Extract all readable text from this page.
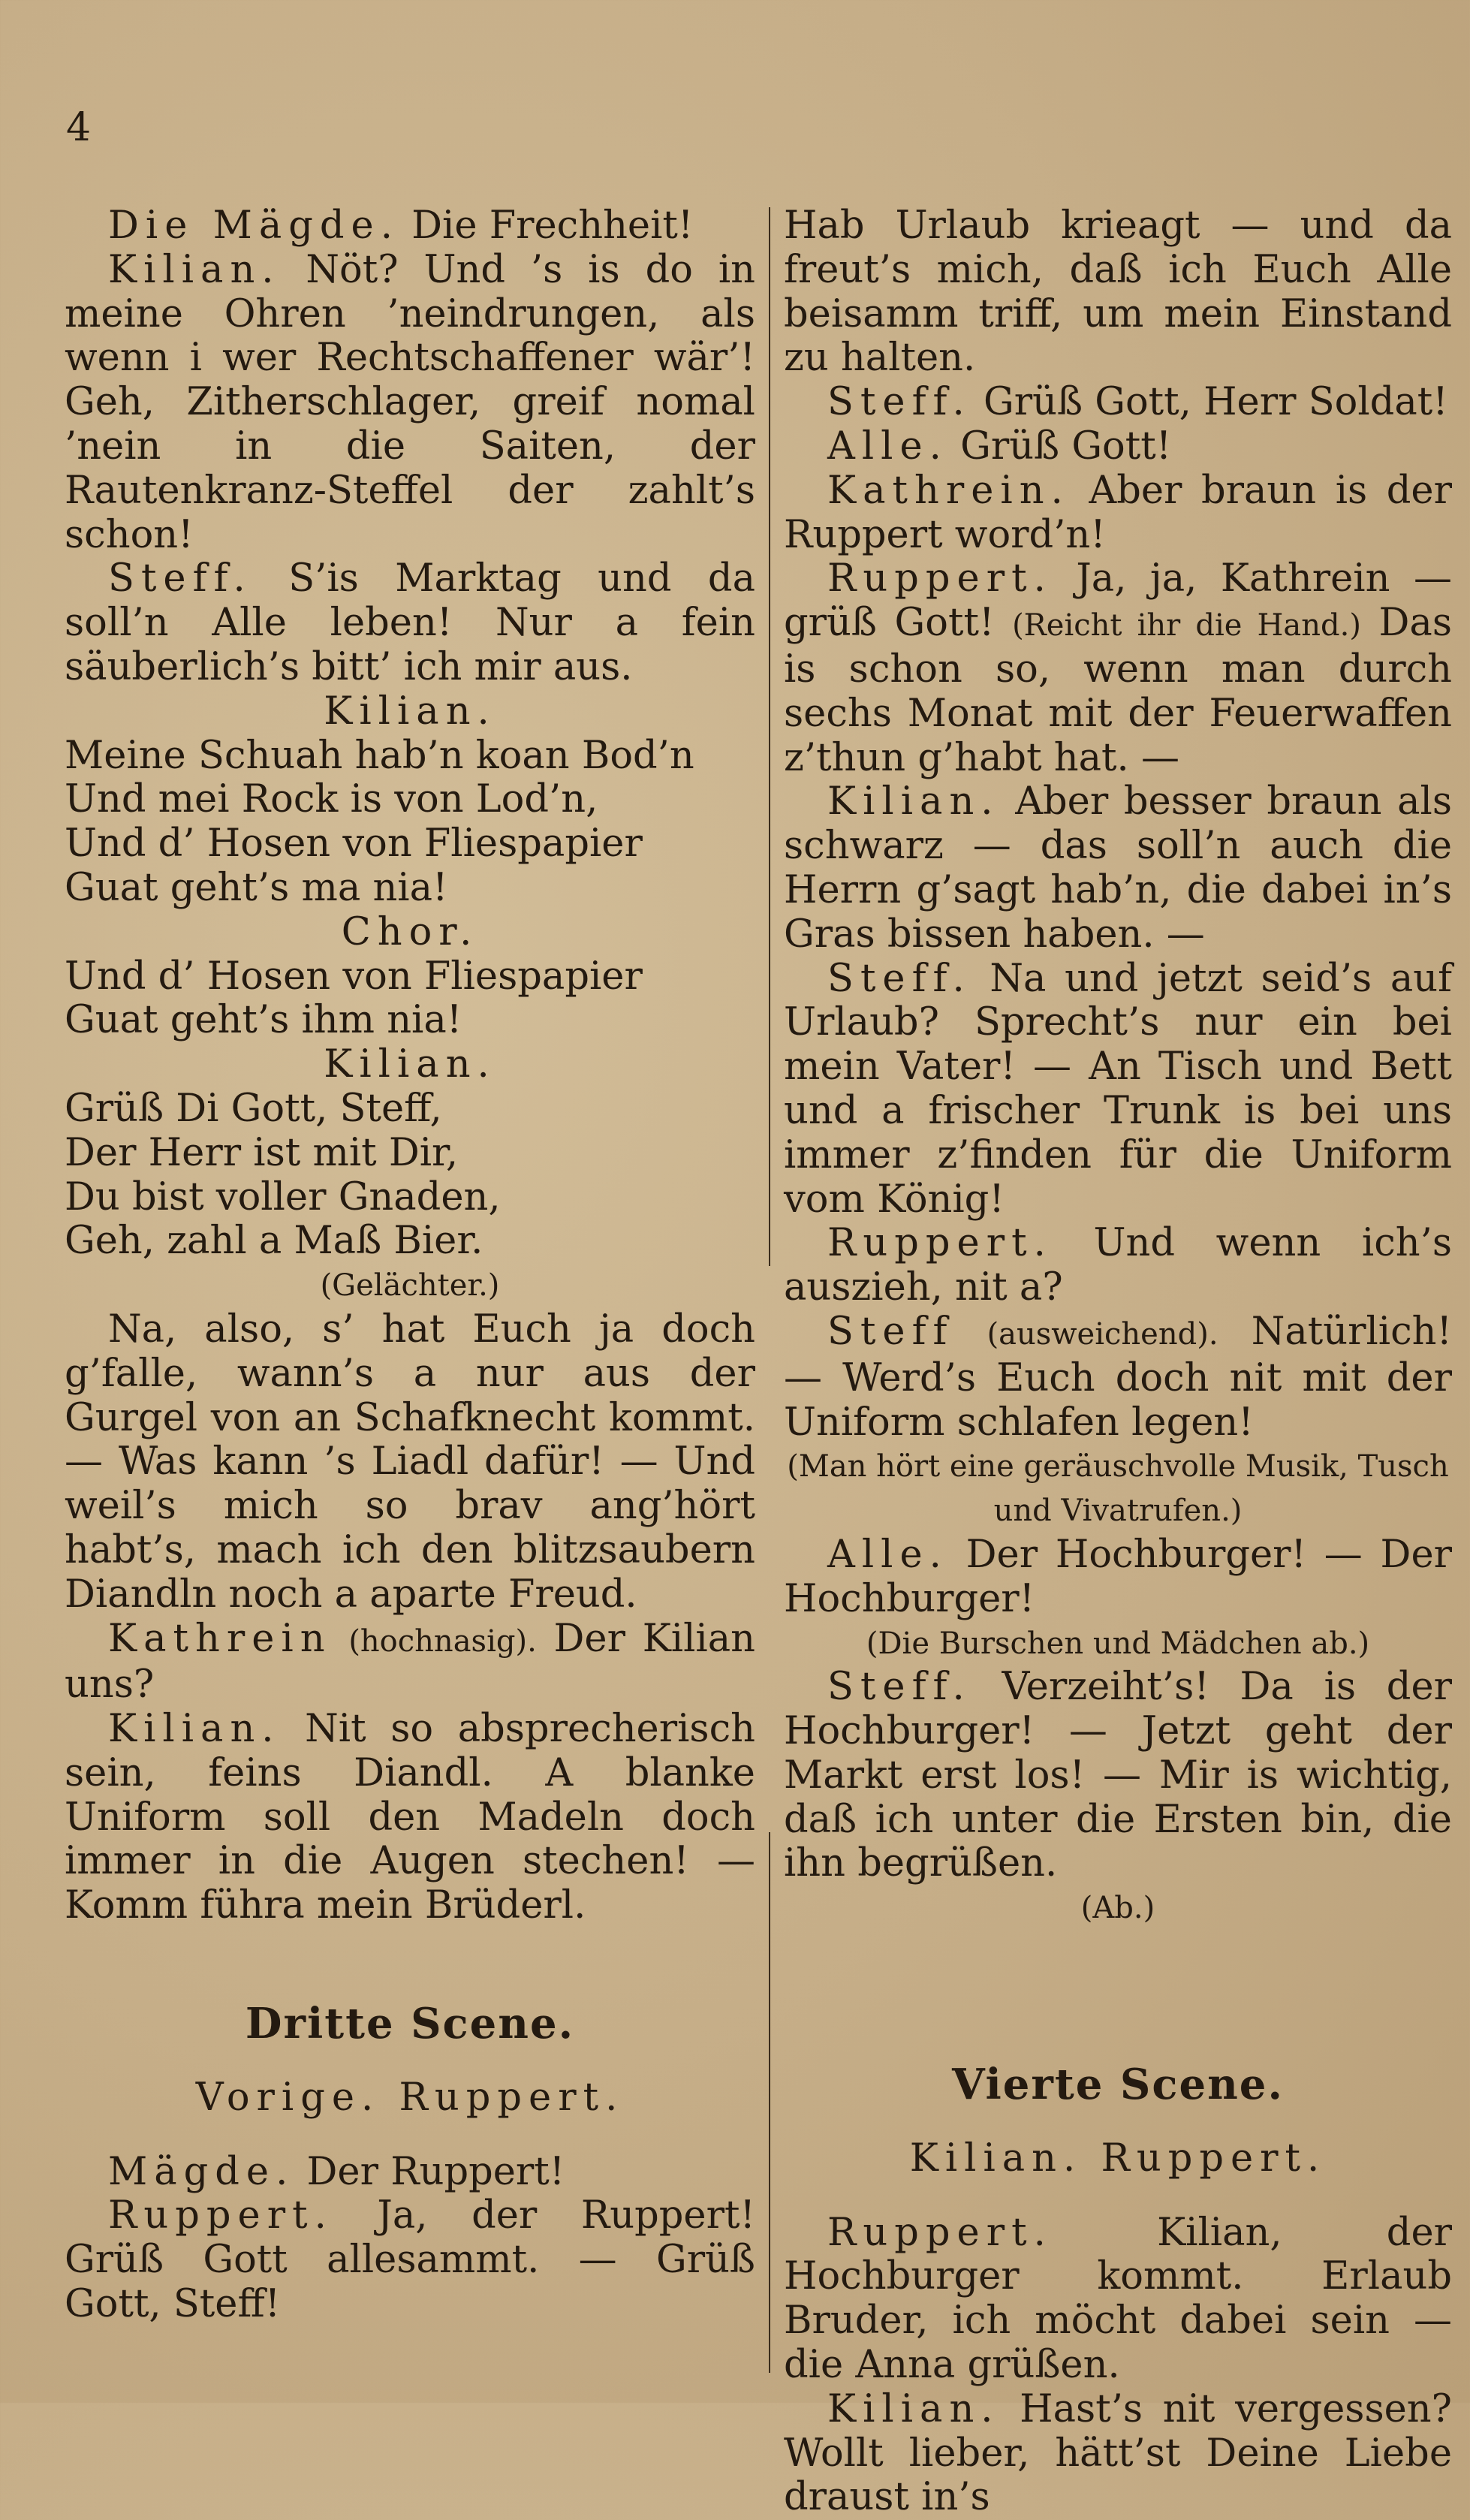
4

Die Mägde. Die Frechheit!

Kilian. Nöt? Und ’s is do in meine Ohren ’neindrungen, als wenn i wer Rechtschaffener wär’! Geh, Zitherschlager, greif nomal ’nein in die Saiten, der Rautenkranz-Steffel der zahlt’s schon!

Steff. S’is Marktag und da soll’n Alle leben! Nur a fein säuberlich’s bitt’ ich mir aus.

Kilian.

Meine Schuah hab’n koan Bod’n

Und mei Rock is von Lod’n,

Und d’ Hosen von Fliespapier

Guat geht’s ma nia!

Chor.

Und d’ Hosen von Fliespapier

Guat geht’s ihm nia!

Kilian.

Grüß Di Gott, Steff,

Der Herr ist mit Dir,

Du bist voller Gnaden,

Geh, zahl a Maß Bier.

(Gelächter.)

Na, also, s’ hat Euch ja doch g’falle, wann’s a nur aus der Gurgel von an Schafknecht kommt. — Was kann ’s Liadl dafür! — Und weil’s mich so brav ang’hört habt’s, mach ich den blitzsaubern Diandln noch a aparte Freud.

Kathrein (hochnasig). Der Kilian uns?

Kilian. Nit so absprecherisch sein, feins Diandl. A blanke Uniform soll den Madeln doch immer in die Augen stechen! — Komm führa mein Brüderl.

Dritte Scene.

Vorige. Ruppert.

Mägde. Der Ruppert!

Ruppert. Ja, der Ruppert! Grüß Gott allesammt. — Grüß Gott, Steff!

Hab Urlaub krieagt — und da freut’s mich, daß ich Euch Alle beisamm triff, um mein Einstand zu halten.

Steff. Grüß Gott, Herr Soldat!

Alle. Grüß Gott!

Kathrein. Aber braun is der Ruppert word’n!

Ruppert. Ja, ja, Kathrein — grüß Gott! (Reicht ihr die Hand.) Das is schon so, wenn man durch sechs Monat mit der Feuerwaffen z’thun g’habt hat. —

Kilian. Aber besser braun als schwarz — das soll’n auch die Herrn g’sagt hab’n, die dabei in’s Gras bissen haben. —

Steff. Na und jetzt seid’s auf Urlaub? Sprecht’s nur ein bei mein Vater! — An Tisch und Bett und a frischer Trunk is bei uns immer z’finden für die Uniform vom König!

Ruppert. Und wenn ich’s auszieh, nit a?

Steff (ausweichend). Natürlich! — Werd’s Euch doch nit mit der Uniform schlafen legen!

(Man hört eine geräuschvolle Musik, Tusch und Vivatrufen.)

Alle. Der Hochburger! — Der Hochburger!

(Die Burschen und Mädchen ab.)

Steff. Verzeiht’s! Da is der Hochburger! — Jetzt geht der Markt erst los! — Mir is wichtig, daß ich unter die Ersten bin, die ihn begrüßen.

(Ab.)

Vierte Scene.

Kilian. Ruppert.

Ruppert.	Kilian, der Hochburger kommt. Erlaub Bruder, ich möcht dabei sein — die Anna grüßen.

Kilian. Hast’s nit vergessen? Wollt lieber, hätt’st Deine Liebe draust in’s
